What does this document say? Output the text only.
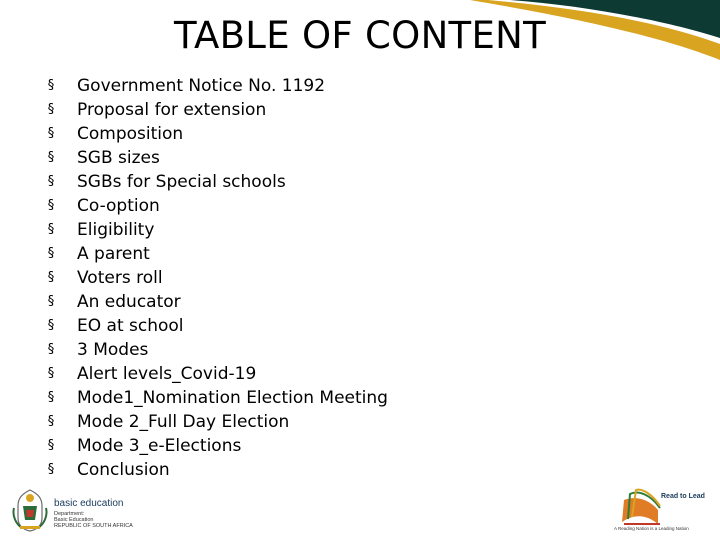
TABLE OF CONTENT
§ Government Notice No. 1192
§ Proposal for extension
§ Composition
§ SGB sizes
§ SGBs for Special schools
§ Co-option
§ Eligibility
§ A parent
§ Voters roll
§ An educator
§ EO at school
§ 3 Modes
§ Alert levels_Covid-19
§ Mode1_Nomination Election Meeting
§ Mode 2_Full Day Election
§ Mode 3_e-Elections
§ Conclusion
basic education
Department:
Basic Education
REPUBLIC OF SOUTH AFRICA
Read to Lead
A Reading Nation is a Leading Nation
